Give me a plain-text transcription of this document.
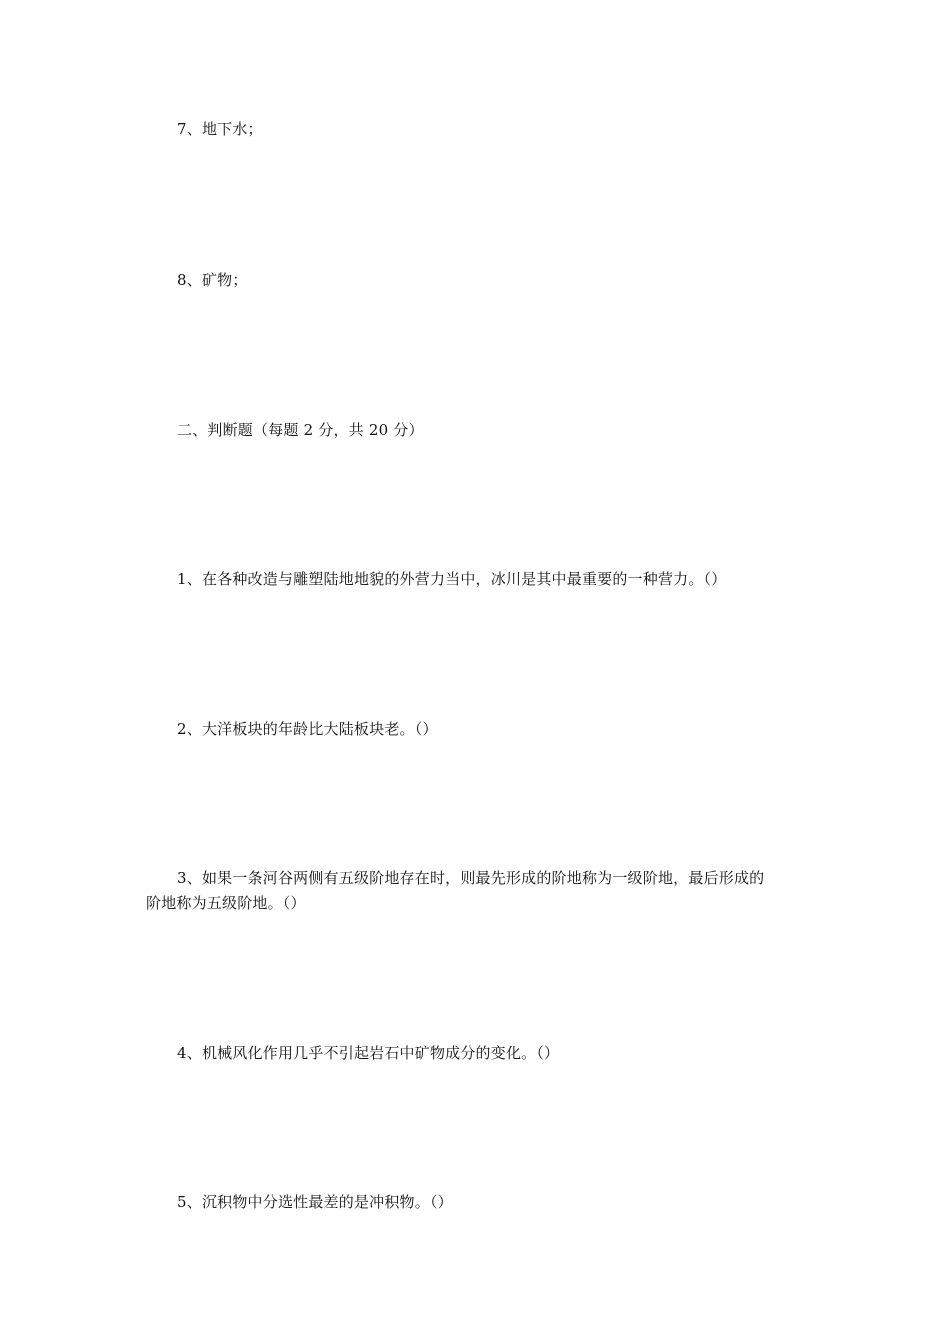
7、地下水；
8、矿物；
二、判断题（每题 2 分，共 20 分）
1、在各种改造与雕塑陆地地貌的外营力当中，冰川是其中最重要的一种营力。（）
2、大洋板块的年龄比大陆板块老。（）
3、如果一条河谷两侧有五级阶地存在时，则最先形成的阶地称为一级阶地，最后形成的
阶地称为五级阶地。（）
4、机械风化作用几乎不引起岩石中矿物成分的变化。（）
5、沉积物中分选性最差的是冲积物。（）
